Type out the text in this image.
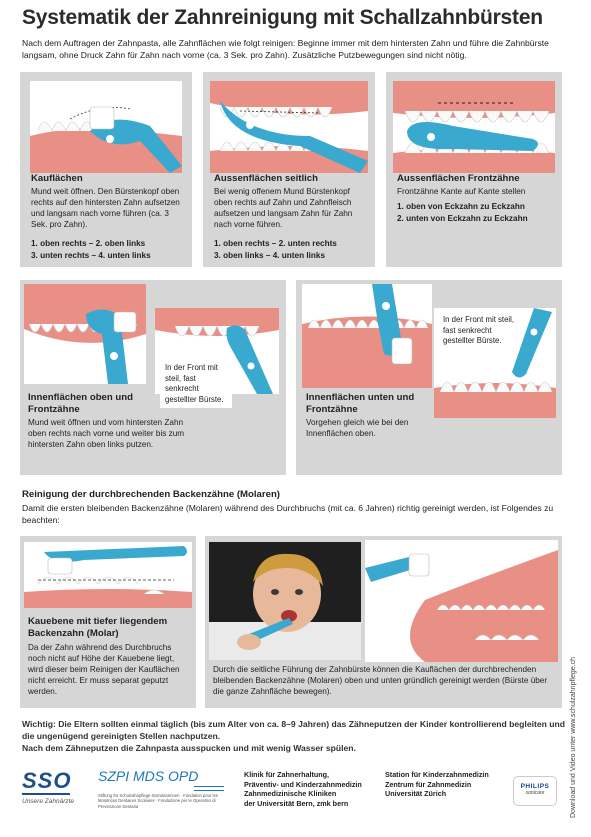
Systematik der Zahnreinigung mit Schallzahnbürsten
Nach dem Auftragen der Zahnpasta, alle Zahnflächen wie folgt reinigen: Beginne immer mit dem hintersten Zahn und führe die Zahnbürste langsam, ohne Druck Zahn für Zahn nach vorne (ca. 3 Sek. pro Zahn). Zusätzliche Putzbewegungen sind nicht nötig.
Kauflächen
Mund weit öffnen. Den Bürstenkopf oben rechts auf den hintersten Zahn aufsetzen und langsam nach vorne führen (ca. 3 Sek. pro Zahn).
1. oben rechts – 2. oben links
3. unten rechts – 4. unten links
Aussenflächen seitlich
Bei wenig offenem Mund Bürstenkopf oben rechts auf Zahn und Zahnfleisch aufsetzen und langsam Zahn für Zahn nach vorne führen.
1. oben rechts – 2. unten rechts
3. oben links – 4. unten links
Aussenflächen Frontzähne
Frontzähne Kante auf Kante stellen
1. oben von Eckzahn zu Eckzahn
2. unten von Eckzahn zu Eckzahn
In der Front mit steil, fast senkrecht gestellter Bürste.
Innenflächen oben und Frontzähne
Mund weit öffnen und vom hintersten Zahn oben rechts nach vorne und weiter bis zum hintersten Zahn oben links putzen.
In der Front mit steil, fast senkrecht gestellter Bürste.
Innenflächen unten und Frontzähne
Vorgehen gleich wie bei den Innenflächen oben.
Reinigung der durchbrechenden Backenzähne (Molaren)
Damit die ersten bleibenden Backenzähne (Molaren) während des Durchbruchs (mit ca. 6 Jahren) richtig gereinigt werden, ist Folgendes zu beachten:
Kauebene mit tiefer liegendem Backenzahn (Molar)
Da der Zahn während des Durchbruchs noch nicht auf Höhe der Kauebene liegt, wird dieser beim Reinigen der Kauflächen nicht erreicht. Er muss separat geputzt werden.
Durch die seitliche Führung der Zahnbürste können die Kauflächen der durchbrechenden bleibenden Backenzähne (Molaren) oben und unten gründlich gereinigt werden (Bürste über die ganze Zahnfläche bewegen).
Wichtig: Die Eltern sollten einmal täglich (bis zum Alter von ca. 8–9 Jahren) das Zähneputzen der Kinder kontrollierend begleiten und die ungenügend gereinigten Stellen nachputzen.
Nach dem Zähneputzen die Zahnpasta ausspucken und mit wenig Wasser spülen.
SSO
Unsere Zahnärzte
SZPI MDS OPD
Stiftung für Schulzahnpflege-Instruktorinnen · Fondation pour les Monitrices Dentaires Scolaires · Fondazione per le Operatrici di Prevenzione Dentaria
Klinik für Zahnerhaltung,
Präventiv- und Kinderzahnmedizin
Zahnmedizinische Kliniken
der Universität Bern, zmk bern
Station für Kinderzahnmedizin
Zentrum für Zahnmedizin
Universität Zürich
PHILIPS
sonicare	Download und Video unter www.schulzahnpflege.ch
